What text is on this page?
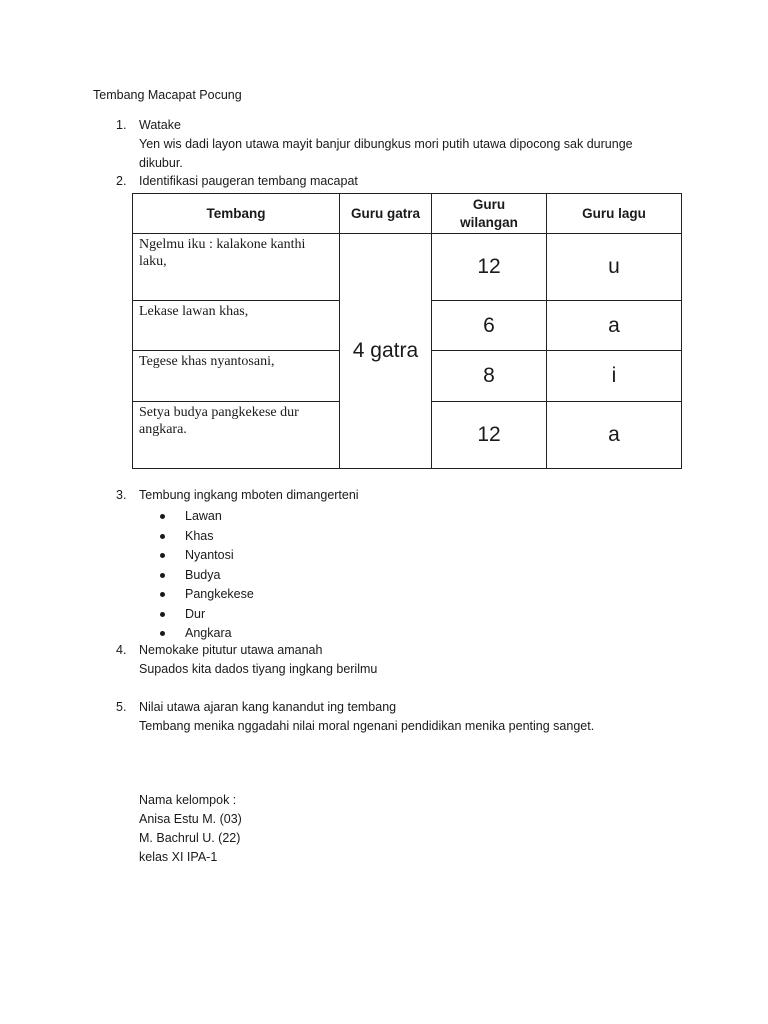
Tembang Macapat Pocung
1.	Watake
Yen wis dadi layon utawa mayit banjur dibungkus mori putih utawa dipocong sak durunge
dikubur.
2.	Identifikasi paugeran tembang macapat
Tembang	Guru gatra	Guru wilangan	Guru lagu
Ngelmu iku : kalakone kanthi laku,	4 gatra	12	u
Lekase lawan khas,		6	a
Tegese khas nyantosani,		8	i
Setya budya pangkekese dur angkara.		12	a
3.	Tembung ingkang mboten dimangerteni
Lawan
Khas
Nyantosi
Budya
Pangkekese
Dur
Angkara
4.	Nemokake pitutur utawa amanah
Supados kita dados tiyang ingkang berilmu
5.	Nilai utawa ajaran kang kanandut ing tembang
Tembang menika nggadahi nilai moral ngenani pendidikan menika penting sanget.
Nama kelompok :
Anisa Estu M. (03)
M. Bachrul U. (22)
kelas XI IPA-1
